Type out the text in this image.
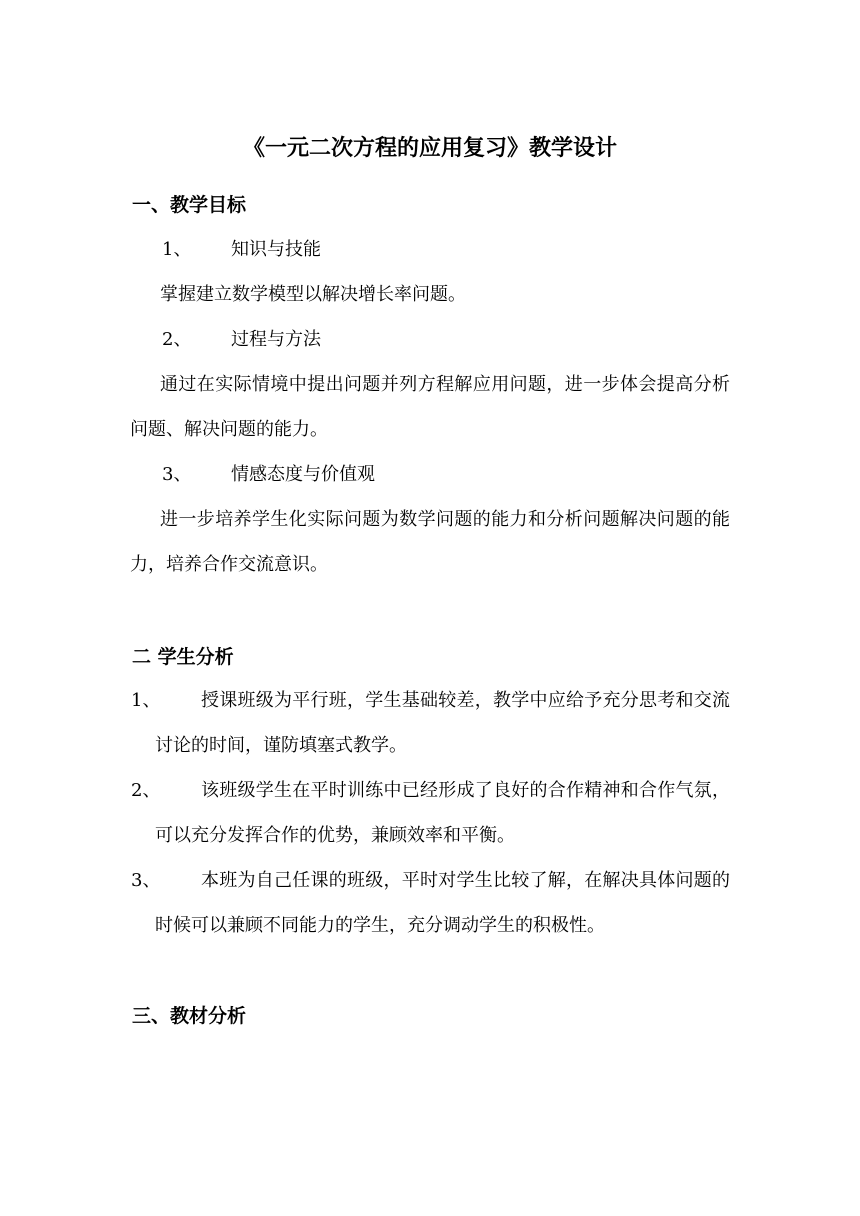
《一元二次方程的应用复习》教学设计
一、教学目标
1、 知识与技能
掌握建立数学模型以解决增长率问题。
2、 过程与方法
通过在实际情境中提出问题并列方程解应用问题，进一步体会提高分析问题、解决问题的能力。
3、 情感态度与价值观
进一步培养学生化实际问题为数学问题的能力和分析问题解决问题的能力，培养合作交流意识。
二 学生分析
1、	授课班级为平行班，学生基础较差，教学中应给予充分思考和交流讨论的时间，谨防填塞式教学。
2、	该班级学生在平时训练中已经形成了良好的合作精神和合作气氛，可以充分发挥合作的优势，兼顾效率和平衡。
3、	本班为自己任课的班级，平时对学生比较了解，在解决具体问题的时候可以兼顾不同能力的学生，充分调动学生的积极性。
三、教材分析
